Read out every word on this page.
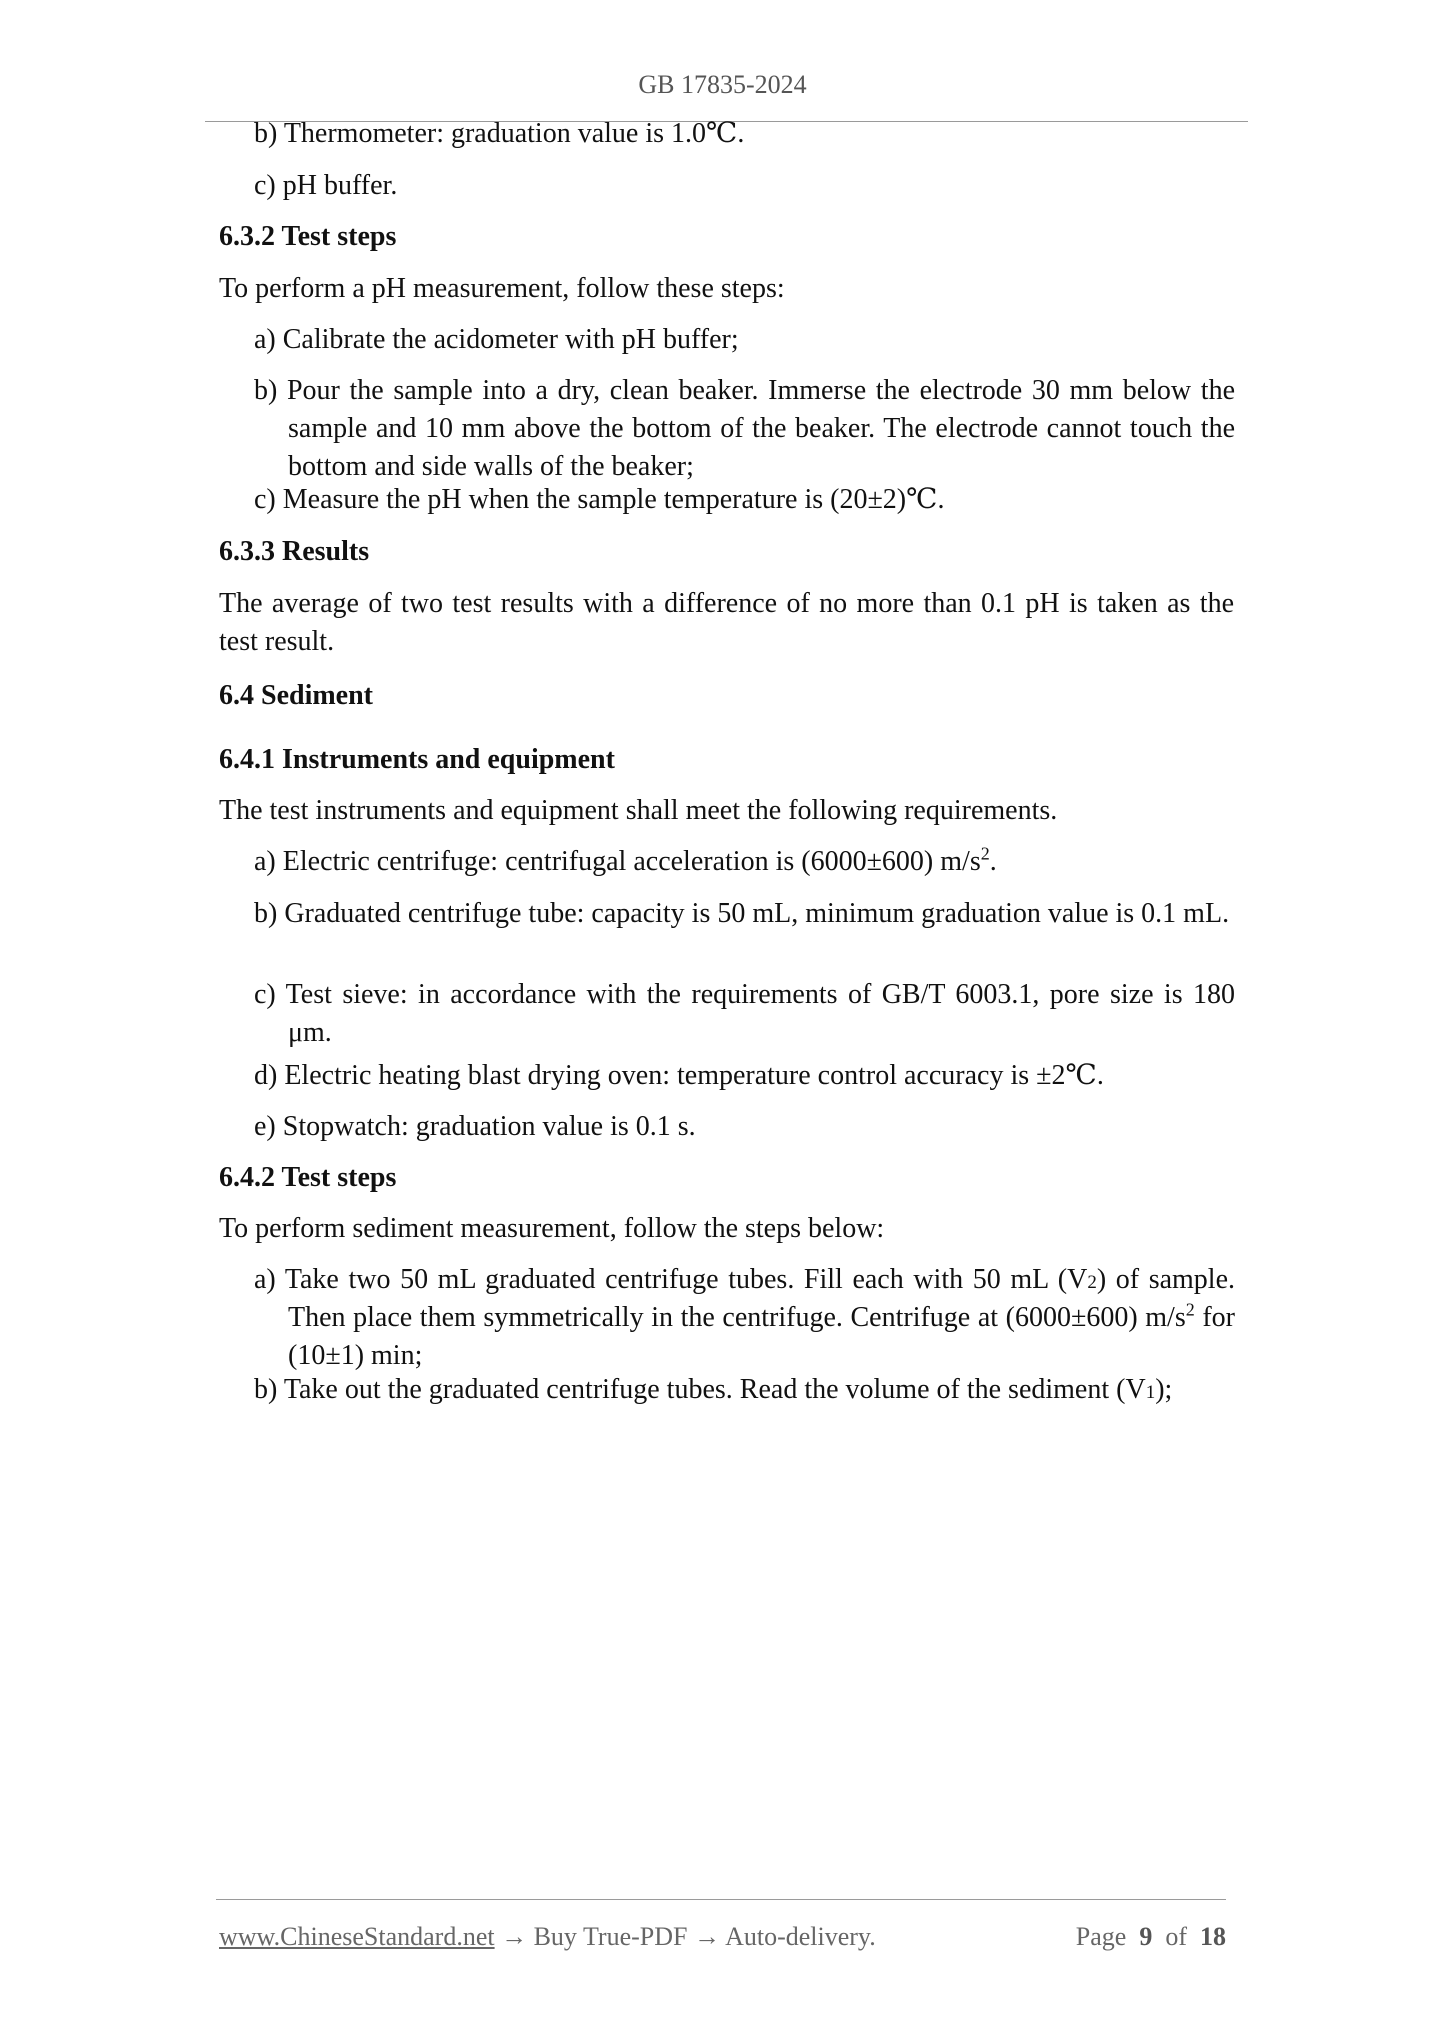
GB 17835-2024

b) Thermometer: graduation value is 1.0℃.

c) pH buffer.

6.3.2 Test steps

To perform a pH measurement, follow these steps:

a) Calibrate the acidometer with pH buffer;

b) Pour the sample into a dry, clean beaker. Immerse the electrode 30 mm below the sample and 10 mm above the bottom of the beaker. The electrode cannot touch the bottom and side walls of the beaker;

c) Measure the pH when the sample temperature is (20±2)℃.

6.3.3 Results

The average of two test results with a difference of no more than 0.1 pH is taken as the test result.

6.4 Sediment

6.4.1 Instruments and equipment

The test instruments and equipment shall meet the following requirements.

a) Electric centrifuge: centrifugal acceleration is (6000±600) $m/s^2$.

b) Graduated centrifuge tube: capacity is 50 mL, minimum graduation value is 0.1 mL.

c) Test sieve: in accordance with the requirements of GB/T 6003.1, pore size is 180 μm.

d) Electric heating blast drying oven: temperature control accuracy is ±2℃.

e) Stopwatch: graduation value is 0.1 s.

6.4.2 Test steps

To perform sediment measurement, follow the steps below:

a) Take two 50 mL graduated centrifuge tubes. Fill each with 50 mL (V2) of sample. Then place them symmetrically in the centrifuge. Centrifuge at (6000±600) $m/s^2$ for (10±1) min;

b) Take out the graduated centrifuge tubes. Read the volume of the sediment (V1);

www.ChineseStandard.net → Buy True-PDF → Auto-delivery.	Page 9 of 18
